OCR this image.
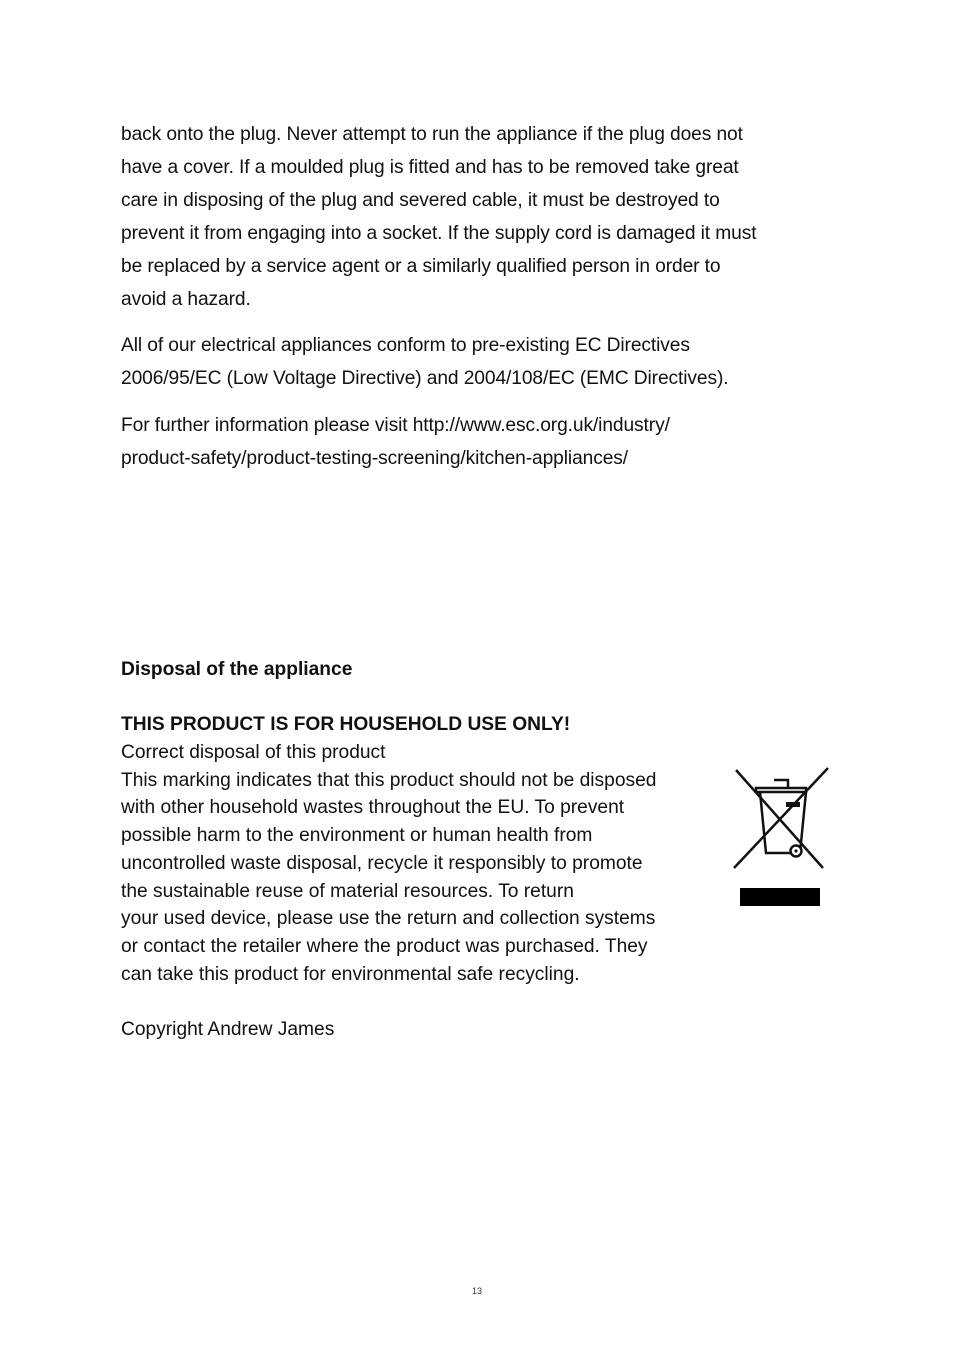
back onto the plug. Never attempt to run the appliance if the plug does not
have a cover. If a moulded plug is fitted and has to be removed take great
care in disposing of the plug and severed cable, it must be destroyed to
prevent it from engaging into a socket. If the supply cord is damaged it must
be replaced by a service agent or a similarly qualified person in order to
avoid a hazard.
All of our electrical appliances conform to pre-existing EC Directives
2006/95/EC (Low Voltage Directive) and 2004/108/EC (EMC Directives).
For further information please visit http://www.esc.org.uk/industry/
product-safety/product-testing-screening/kitchen-appliances/
Disposal of the appliance
THIS PRODUCT IS FOR HOUSEHOLD USE ONLY!
Correct disposal of this product
This marking indicates that this product should not be disposed
with other household wastes throughout the EU. To prevent
possible harm to the environment or human health from
uncontrolled waste disposal, recycle it responsibly to promote
the sustainable reuse of material resources. To return
your used device, please use the return and collection systems
or contact the retailer where the product was purchased. They
can take this product for environmental safe recycling.
Copyright Andrew James
13
